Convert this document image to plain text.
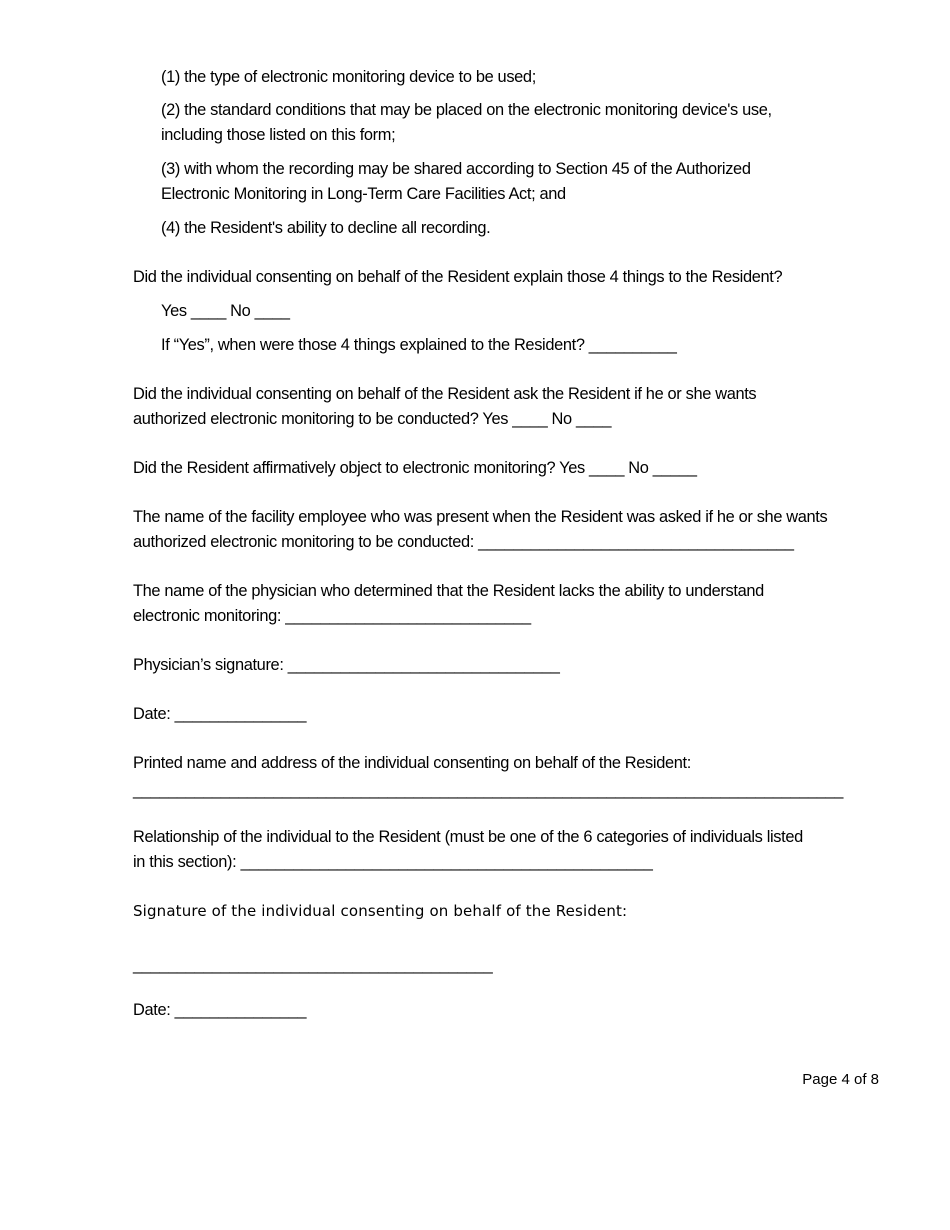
(1) the type of electronic monitoring device to be used;
(2) the standard conditions that may be placed on the electronic monitoring device's use,
including those listed on this form;
(3) with whom the recording may be shared according to Section 45 of the Authorized
Electronic Monitoring in Long-Term Care Facilities Act; and
(4) the Resident's ability to decline all recording.
Did the individual consenting on behalf of the Resident explain those 4 things to the Resident?
Yes ____ No ____
If “Yes”, when were those 4 things explained to the Resident? __________
Did the individual consenting on behalf of the Resident ask the Resident if he or she wants
authorized electronic monitoring to be conducted? Yes ____ No ____
Did the Resident affirmatively object to electronic monitoring? Yes ____ No _____
The name of the facility employee who was present when the Resident was asked if he or she wants
authorized electronic monitoring to be conducted: ____________________________________
The name of the physician who determined that the Resident lacks the ability to understand
electronic monitoring: ____________________________
Physician’s signature: _______________________________
Date: _______________
Printed name and address of the individual consenting on behalf of the Resident:
_________________________________________________________________________________
Relationship of the individual to the Resident (must be one of the 6 categories of individuals listed
in this section): _______________________________________________
Signature of the individual consenting on behalf of the Resident:
_________________________________________
Date: _______________
Page 4 of 8
